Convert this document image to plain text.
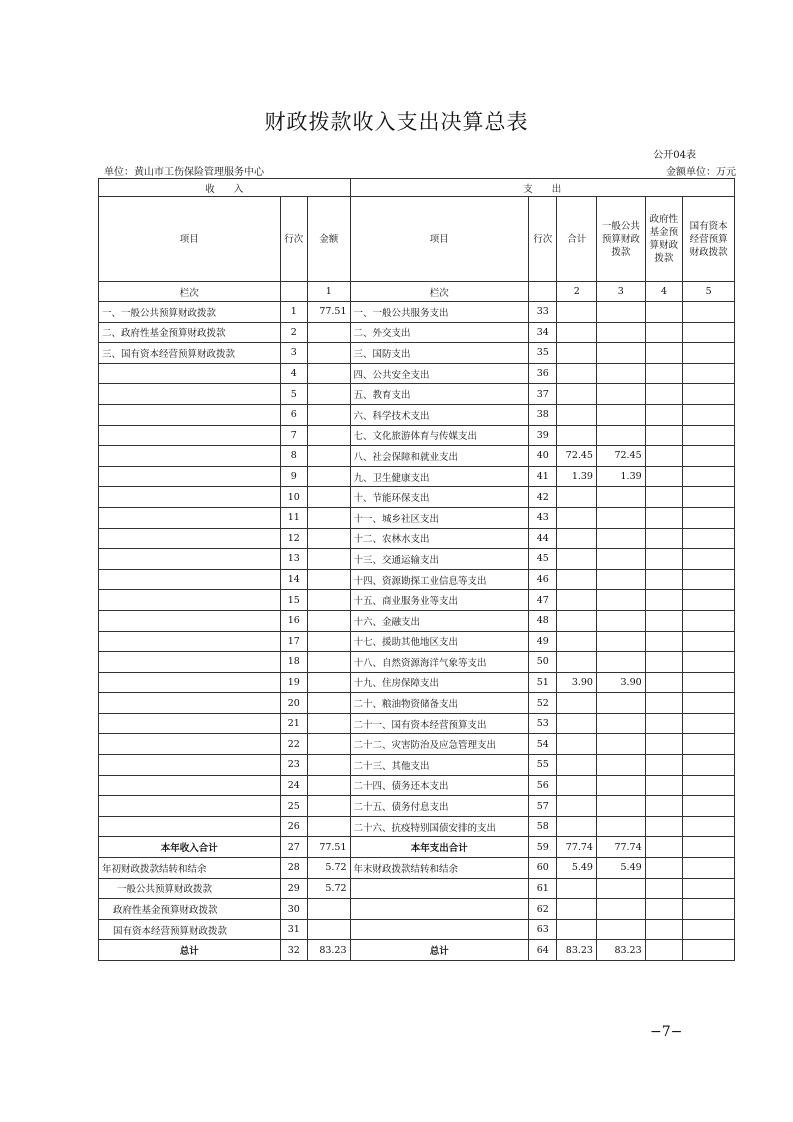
财政拨款收入支出决算总表
公开04表
单位：黄山市工伤保险管理服务中心	金额单位：万元
收　　入			支　　出					
项目	行次	金额	项目	行次	合计	一般公共预算财政拨款	政府性基金预算财政拨款	国有资本经营预算财政拨款
栏次		1	栏次		2	3	4	5
一、一般公共预算财政拨款	1	77.51	一、一般公共服务支出	33				
二、政府性基金预算财政拨款	2		二、外交支出	34				
三、国有资本经营预算财政拨款	3		三、国防支出	35				
	4		四、公共安全支出	36				
	5		五、教育支出	37				
	6		六、科学技术支出	38				
	7		七、文化旅游体育与传媒支出	39				
	8		八、社会保障和就业支出	40	72.45	72.45		
	9		九、卫生健康支出	41	1.39	1.39		
	10		十、节能环保支出	42				
	11		十一、城乡社区支出	43				
	12		十二、农林水支出	44				
	13		十三、交通运输支出	45				
	14		十四、资源勘探工业信息等支出	46				
	15		十五、商业服务业等支出	47				
	16		十六、金融支出	48				
	17		十七、援助其他地区支出	49				
	18		十八、自然资源海洋气象等支出	50				
	19		十九、住房保障支出	51	3.90	3.90		
	20		二十、粮油物资储备支出	52				
	21		二十一、国有资本经营预算支出	53				
	22		二十二、灾害防治及应急管理支出	54				
	23		二十三、其他支出	55				
	24		二十四、债务还本支出	56				
	25		二十五、债务付息支出	57				
	26		二十六、抗疫特别国债安排的支出	58				
本年收入合计	27	77.51	本年支出合计	59	77.74	77.74		
年初财政拨款结转和结余	28	5.72	年末财政拨款结转和结余	60	5.49	5.49		
一般公共预算财政拨款	29	5.72		61				
政府性基金预算财政拨款	30			62				
国有资本经营预算财政拨款	31			63				
总计	32	83.23	总计	64	83.23	83.23		
−7−
